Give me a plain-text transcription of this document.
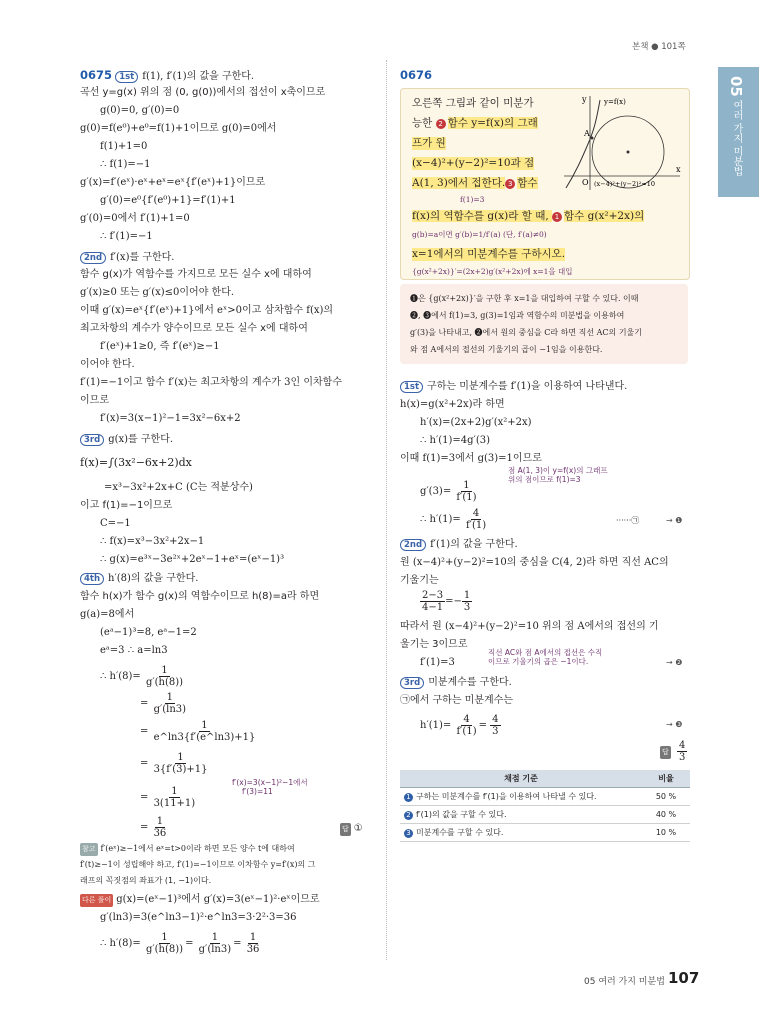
본책 ● 101쪽
05
여러 가지 미분법
0675 1st f(1), f′(1)의 값을 구한다.
곡선 y=g(x) 위의 점 (0, g(0))에서의 접선이 x축이므로
g(0)=0, g′(0)=0
g(0)=f(e⁰)+e⁰=f(1)+1이므로 g(0)=0에서
f(1)+1=0
∴ f(1)=−1
g′(x)=f′(eˣ)·eˣ+eˣ=eˣ{f′(eˣ)+1}이므로
g′(0)=e⁰{f′(e⁰)+1}=f′(1)+1
g′(0)=0에서 f′(1)+1=0
∴ f′(1)=−1
2nd f′(x)를 구한다.
함수 g(x)가 역함수를 가지므로 모든 실수 x에 대하여
g′(x)≥0 또는 g′(x)≤0이어야 한다.
이때 g′(x)=eˣ{f′(eˣ)+1}에서 eˣ>0이고 삼차함수 f(x)의
최고차항의 계수가 양수이므로 모든 실수 x에 대하여
f′(eˣ)+1≥0, 즉 f′(eˣ)≥−1
이어야 한다.
f′(1)=−1이고 함수 f′(x)는 최고차항의 계수가 3인 이차함수
이므로
f′(x)=3(x−1)²−1=3x²−6x+2
3rd g(x)를 구한다.
f(x)=∫(3x²−6x+2)dx
=x³−3x²+2x+C (C는 적분상수)
이고 f(1)=−1이므로
C=−1
∴ f(x)=x³−3x²+2x−1
∴ g(x)=e³ˣ−3e²ˣ+2eˣ−1+eˣ=(eˣ−1)³
4th h′(8)의 값을 구한다.
함수 h(x)가 함수 g(x)의 역함수이므로 h(8)=a라 하면
g(a)=8에서
(eᵃ−1)³=8, eᵃ−1=2
eᵃ=3 ∴ a=ln3
∴ $h'(8)= \frac{1}{g'(h(8))}$
= $\frac{1}{g'(\ln 3)}$
= $\frac{1}{e\^{}\ln 3\{f'(e\^{}\ln 3)+1\}}$
= $\frac{1}{3\{f'(3)+1\}}$
f′(x)=3(x−1)²−1에서
f′(3)=11
= $\frac{1}{3(11+1)}$
= $\frac{1}{36}$	답 ①
참고 f′(eˣ)≥−1에서 eˣ=t>0이라 하면 모든 양수 t에 대하여
f′(t)≥−1이 성립해야 하고, f′(1)=−1이므로 이차함수 y=f′(x)의 그
래프의 꼭짓점의 좌표가 (1, −1)이다.
다른 풀이 g(x)=(eˣ−1)³에서 g′(x)=3(eˣ−1)²·eˣ이므로
g′(ln3)=3(e^ln3−1)²·e^ln3=3·2²·3=36
∴ $h'(8)= \frac{1}{g'(h(8))} = \frac{1}{g'(\ln 3)} = \frac{1}{36}$
0676
오른쪽 그림과 같이 미분가
능한 2 함수 y=f(x)의 그래
프가 원
(x−4)²+(y−2)²=10과 점
A(1, 3)에서 접한다. 3 함수
f(1)=3
f(x)의 역함수를 g(x)라 할 때, 1 함수 g(x²+2x)의
g(b)=a이면 g′(b)=1/f′(a) (단, f′(a)≠0)
x=1에서의 미분계수를 구하시오.
{g(x²+2x)}′=(2x+2)g′(x²+2x)에 x=1을 대입
A
O
x
y y=f(x)
(x−4)²+(y−2)²=10
❶은 {g(x²+2x)}′을 구한 후 x=1을 대입하여 구할 수 있다. 이때
❷, ❸에서 f(1)=3, g(3)=1임과 역함수의 미분법을 이용하여
g′(3)을 나타내고, ❷에서 원의 중심을 C라 하면 직선 AC의 기울기
와 점 A에서의 접선의 기울기의 곱이 −1임을 이용한다.
1st 구하는 미분계수를 f′(1)을 이용하여 나타낸다.
h(x)=g(x²+2x)라 하면
h′(x)=(2x+2)g′(x²+2x)
∴ h′(1)=4g′(3)
이때 f(1)=3에서 g(3)=1이므로
점 A(1, 3)이 y=f(x)의 그래프
위의 점이므로 f(1)=3
$g'(3)= \frac{1}{f'(1)}$
∴ $h'(1)= \frac{4}{f'(1)}$	······㉠	→ ❶
2nd f′(1)의 값을 구한다.
원 (x−4)²+(y−2)²=10의 중심을 C(4, 2)라 하면 직선 AC의
기울기는
$\frac{2-3}{4-1} =- \frac{1}{3}$
따라서 원 (x−4)²+(y−2)²=10 위의 점 A에서의 접선의 기
울기는 3이므로
직선 AC와 점 A에서의 접선은 수직
이므로 기울기의 곱은 −1이다.
f′(1)=3	→ ❷
3rd 미분계수를 구한다.
㉠에서 구하는 미분계수는
$h'(1)= \frac{4}{f'(1)} = \frac{4}{3}$	→ ❸
답 $\frac{4}{3}$
채점 기준	비율
1 구하는 미분계수를 f′(1)을 이용하여 나타낼 수 있다.	50 %
2 f′(1)의 값을 구할 수 있다.	40 %
3 미분계수를 구할 수 있다.	10 %
05 여러 가지 미분법 107
